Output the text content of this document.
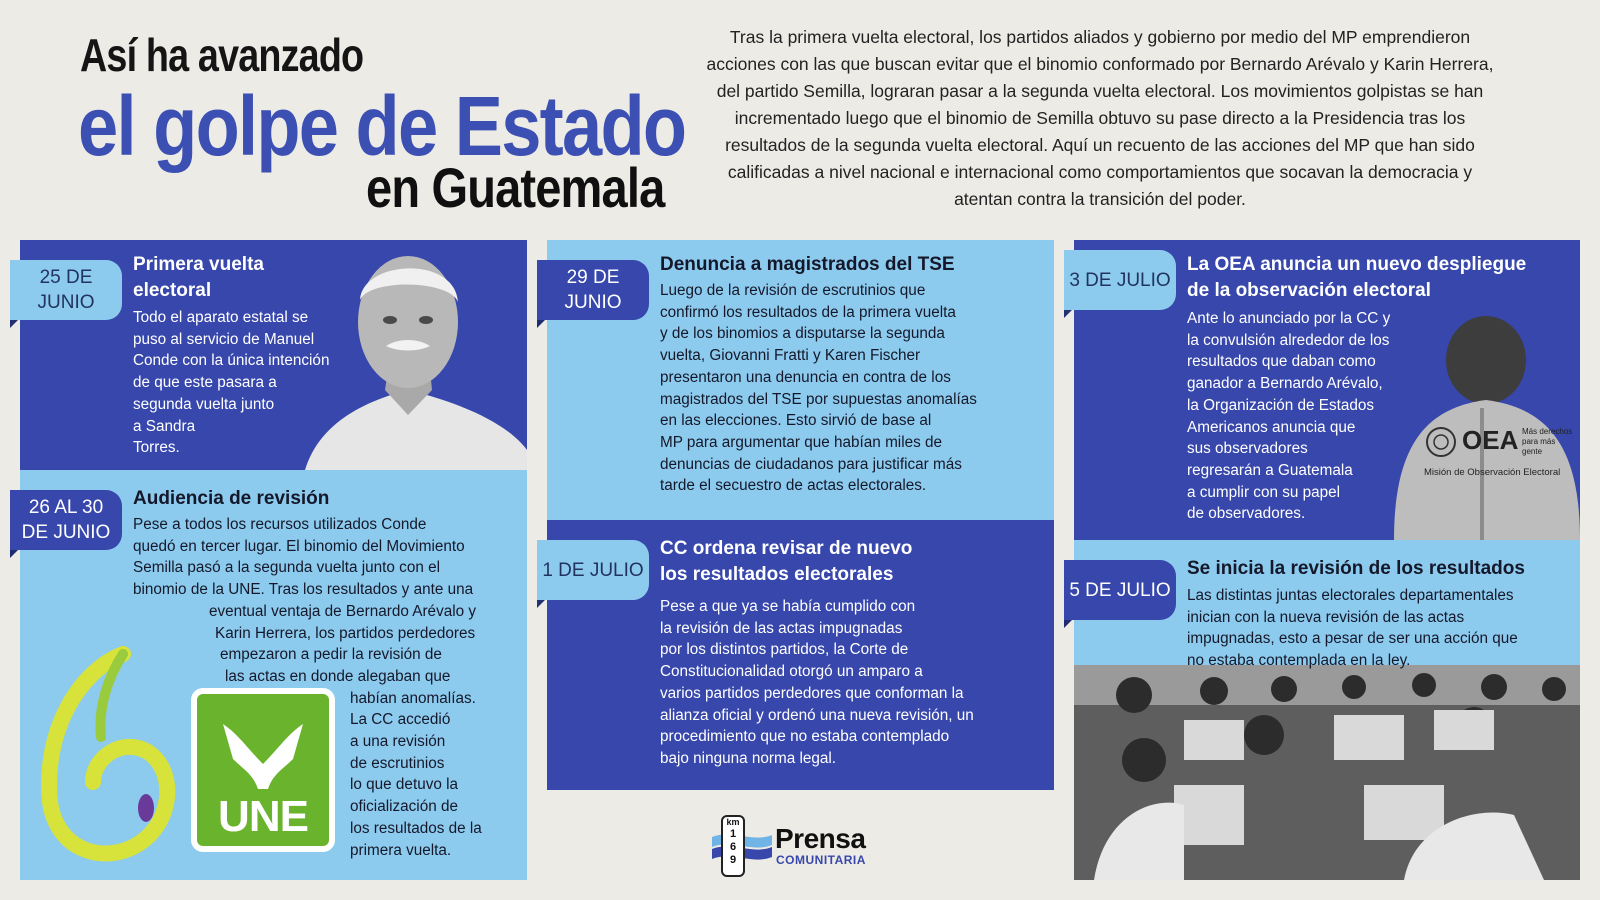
Así ha avanzado
el golpe de Estado
en Guatemala
Tras la primera vuelta electoral, los partidos aliados y gobierno por medio del MP emprendieron acciones con las que buscan evitar que el binomio conformado por Bernardo Arévalo y Karin Herrera, del partido Semilla, lograran pasar a la segunda vuelta electoral. Los movimientos golpistas se han incrementado luego que el binomio de Semilla obtuvo su pase directo a la Presidencia tras los resultados de la segunda vuelta electoral. Aquí un recuento de las acciones del MP que han sido calificadas a nivel nacional e internacional como comportamientos que socavan la democracia y atentan contra la transición del poder.
25 DE
JUNIO
Primera vuelta
electoral
Todo el aparato estatal se
puso al servicio de Manuel
Conde con la única intención
de que este pasara a
segunda vuelta junto
a Sandra
Torres.
26 AL 30
DE JUNIO
Audiencia de revisión
Pese a todos los recursos utilizados Conde
quedó en tercer lugar. El binomio del Movimiento
Semilla pasó a la segunda vuelta junto con el
binomio de la UNE. Tras los resultados y ante una
eventual ventaja de Bernardo Arévalo y
Karin Herrera, los partidos perdedores
empezaron a pedir la revisión de
las actas en donde alegaban que
habían anomalías.
La CC accedió
a una revisión
de escrutinios
lo que detuvo la
oficialización de
los resultados de la
primera vuelta.
UNE
29 DE
JUNIO
Denuncia a magistrados del TSE
Luego de la revisión de escrutinios que
confirmó los resultados de la primera vuelta
y de los binomios a disputarse la segunda
vuelta, Giovanni Fratti y Karen Fischer
presentaron una denuncia en contra de los
magistrados del TSE por supuestas anomalías
en las elecciones. Esto sirvió de base al
MP para argumentar que habían miles de
denuncias de ciudadanos para justificar más
tarde el secuestro de actas electorales.
1 DE JULIO
CC ordena revisar de nuevo
los resultados electorales
Pese a que ya se había cumplido con
la revisión de las actas impugnadas
por los distintos partidos, la Corte de
Constitucionalidad otorgó un amparo a
varios partidos perdedores que conforman la
alianza oficial y ordenó una nueva revisión, un
procedimiento que no estaba contemplado
bajo ninguna norma legal.
km
169
Prensa
COMUNITARIA
OEA Más derechos
para más gente
Misión de Observación Electoral
3 DE JULIO
La OEA anuncia un nuevo despliegue
de la observación electoral
Ante lo anunciado por la CC y
la convulsión alrededor de los
resultados que daban como
ganador a Bernardo Arévalo,
la Organización de Estados
Americanos anuncia que
sus observadores
regresarán a Guatemala
a cumplir con su papel
de observadores.
5 DE JULIO
Se inicia la revisión de los resultados
Las distintas juntas electorales departamentales
inician con la nueva revisión de las actas
impugnadas, esto a pesar de ser una acción que
no estaba contemplada en la ley.
